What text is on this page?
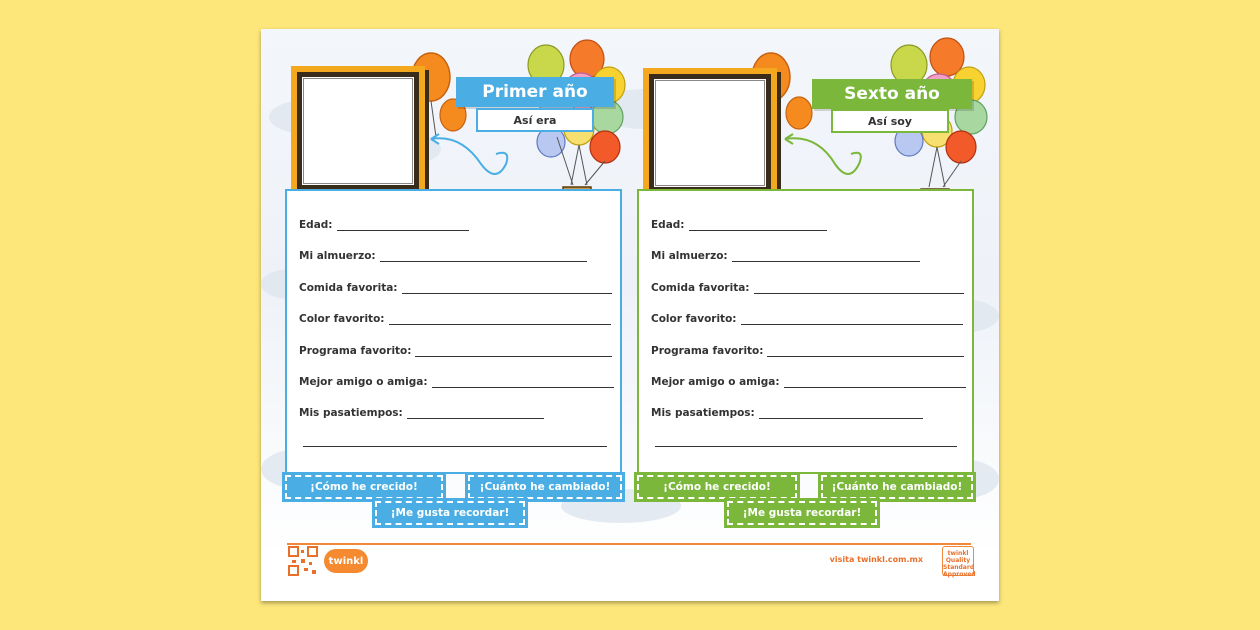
Primer año
Así era
Edad:
Mi almuerzo:
Comida favorita:
Color favorito:
Programa favorito:
Mejor amigo o amiga:
Mis pasatiempos:
¡Cómo he crecido!	¡Cuánto he cambiado!
¡Me gusta recordar!
Sexto año
Así soy
Edad:
Mi almuerzo:
Comida favorita:
Color favorito:
Programa favorito:
Mejor amigo o amiga:
Mis pasatiempos:
¡Cómo he crecido!	¡Cuánto he cambiado!
¡Me gusta recordar!
twinkl	visita twinkl.com.mx
twinkl Quality Standard Approved
